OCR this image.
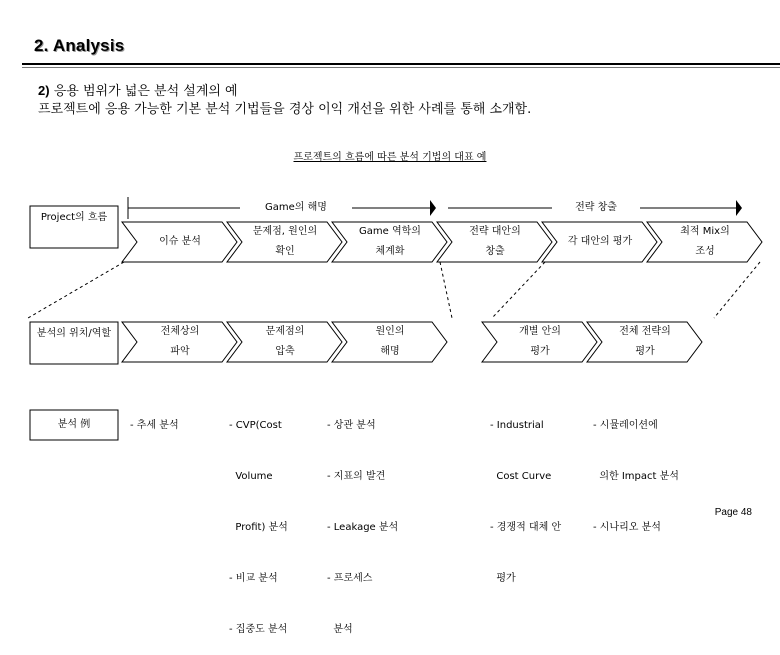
2. Analysis
2) 응용 범위가 넓은 분석 설계의 예
프로젝트에 응용 가능한 기본 분석 기법들을 경상 이익 개선을 위한 사례를 통해 소개함.
프로젝트의 흐름에 따른 분석 기법의 대표 예
Game의 해명	전략 창출
Project의 흐름
분석의 위치/역할
분석 例
이슈 분석
문제점, 원인의
확인
Game 역학의
체계화
전략 대안의
창출
각 대안의 평가
최적 Mix의
조성
전체상의
파악
문제점의
압축
원인의
해명
개별 안의
평가
전체 전략의
평가

- 추세 분석

	- CVP(Cost

Volume

Profit) 분석

- 비교 분석

- 집중도 분석

- 상관 분석

- 지표의 발견

- Leakage 분석

- 프로세스

분석

- Industrial

Cost Curve

- 경쟁적 대체 안

평가

- 시뮬레이션에

의한 Impact 분석

- 시나리오 분석

Page 48
